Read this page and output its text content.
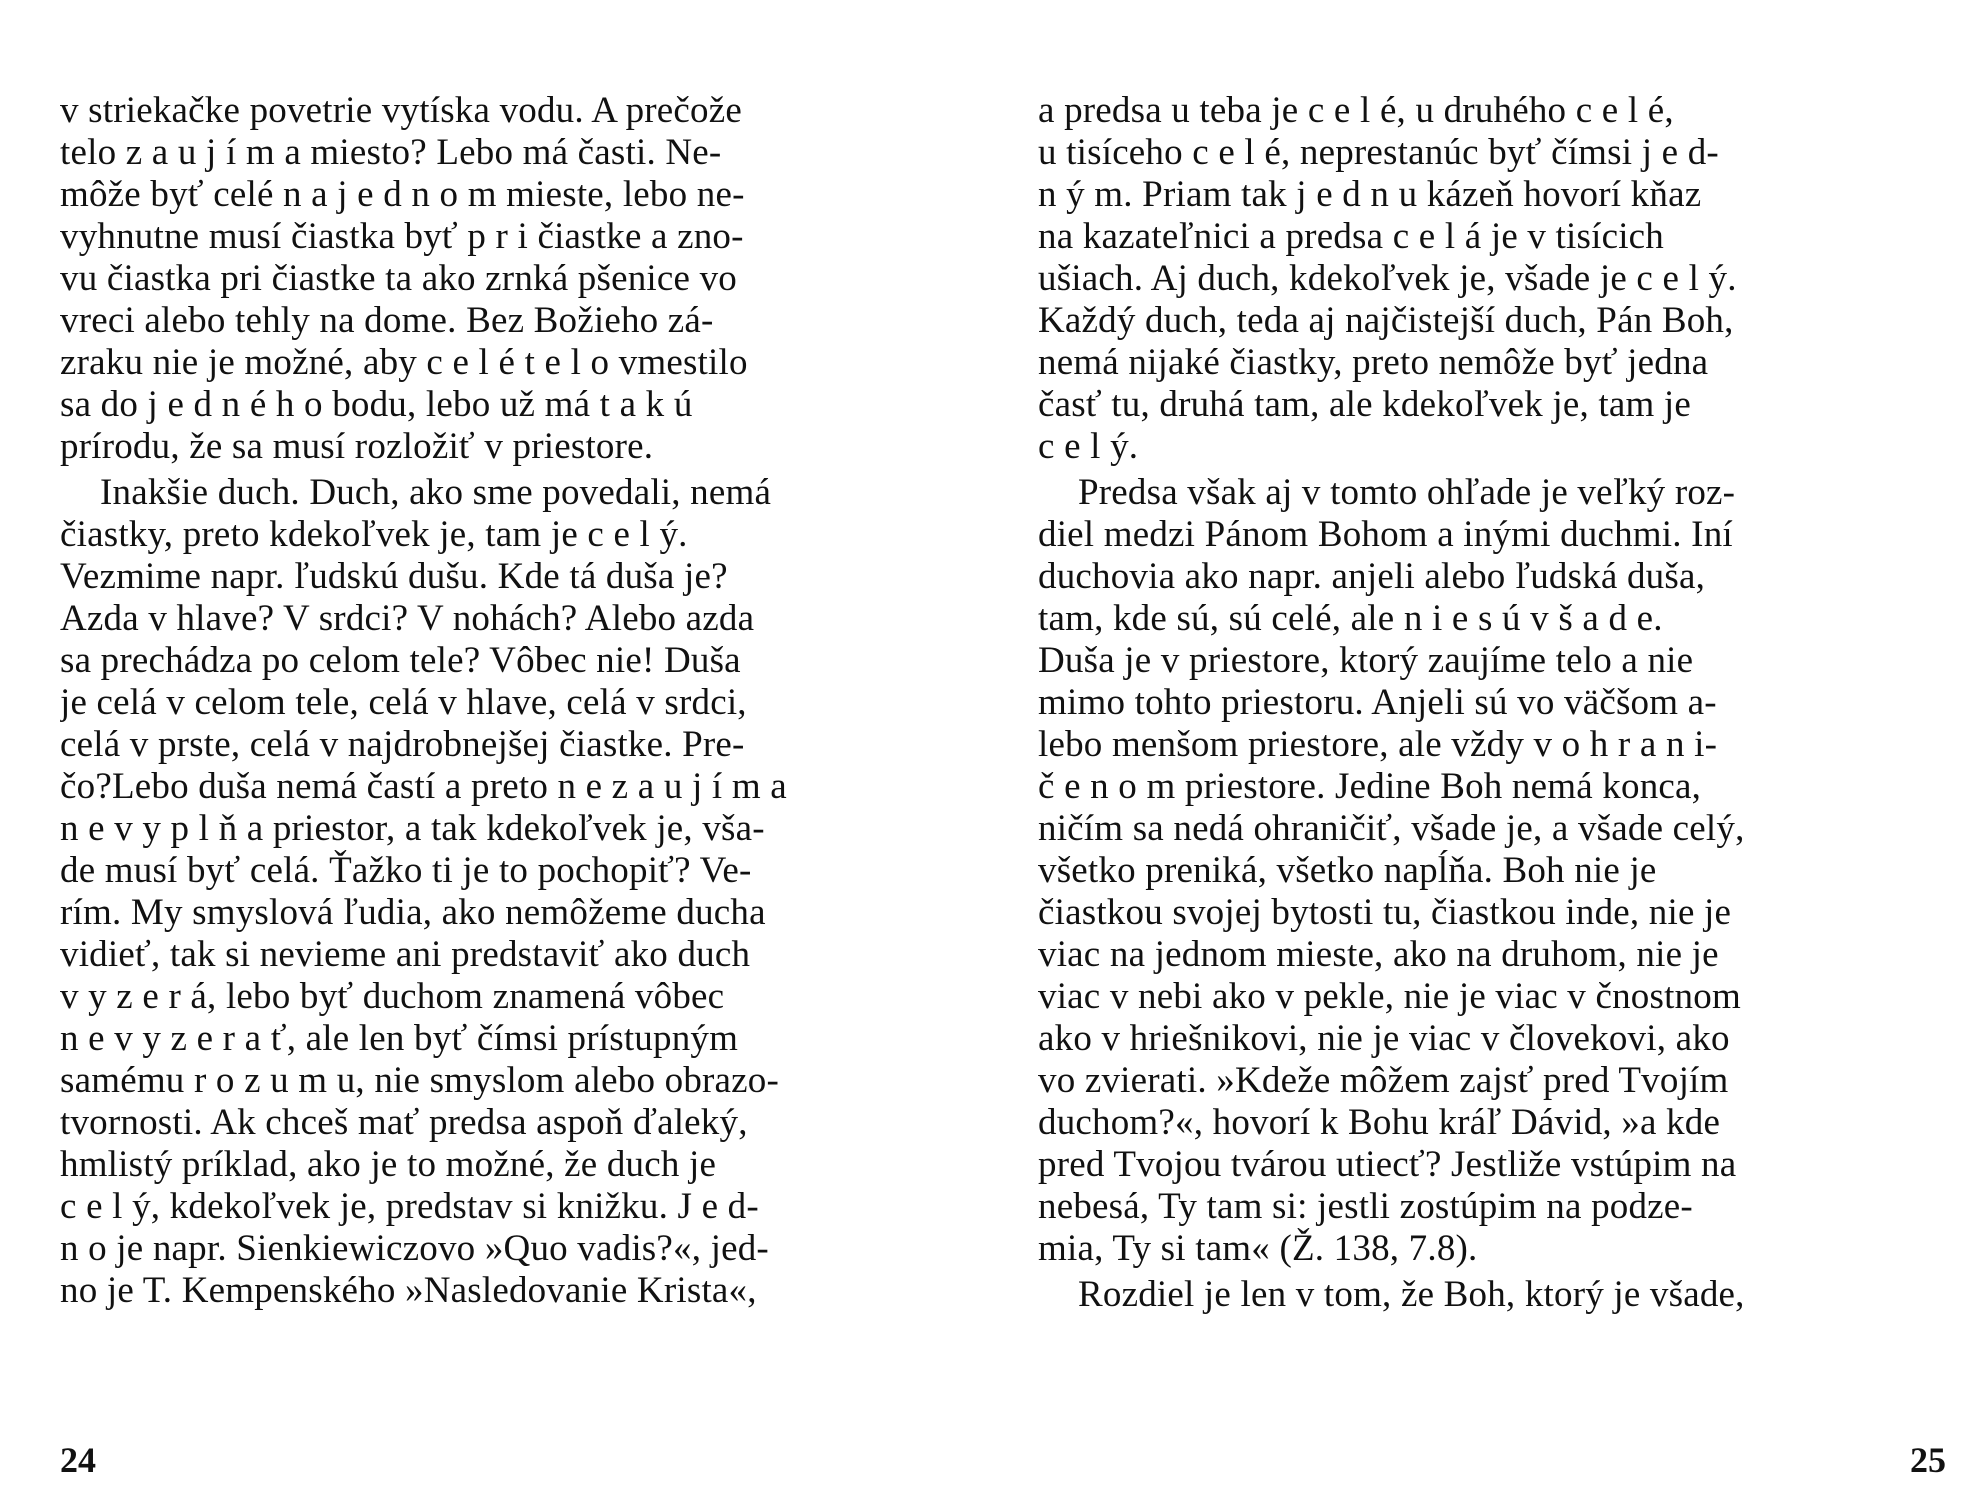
v striekačke povetrie vytíska vodu. A prečože
telo z a u j í m a miesto? Lebo má časti. Ne-
môže byť celé n a j e d n o m mieste, lebo ne-
vyhnutne musí čiastka byť p r i čiastke a zno-
vu čiastka pri čiastke ta ako zrnká pšenice vo
vreci alebo tehly na dome. Bez Božieho zá-
zraku nie je možné, aby c e l é t e l o vmestilo
sa do j e d n é h o bodu, lebo už má t a k ú
prírodu, že sa musí rozložiť v priestore.
Inakšie duch. Duch, ako sme povedali, nemá
čiastky, preto kdekoľvek je, tam je c e l ý.
Vezmime napr. ľudskú dušu. Kde tá duša je?
Azda v hlave? V srdci? V nohách? Alebo azda
sa prechádza po celom tele? Vôbec nie! Duša
je celá v celom tele, celá v hlave, celá v srdci,
celá v prste, celá v najdrobnejšej čiastke. Pre-
čo?Lebo duša nemá častí a preto n e z a u j í m a
n e v y p l ň a priestor, a tak kdekoľvek je, vša-
de musí byť celá. Ťažko ti je to pochopiť? Ve-
rím. My smyslová ľudia, ako nemôžeme ducha
vidieť, tak si nevieme ani predstaviť ako duch
v y z e r á, lebo byť duchom znamená vôbec
n e v y z e r a ť, ale len byť čímsi prístupným
samému r o z u m u, nie smyslom alebo obrazo-
tvornosti. Ak chceš mať predsa aspoň ďaleký,
hmlistý príklad, ako je to možné, že duch je
c e l ý, kdekoľvek je, predstav si knižku. J e d-
n o je napr. Sienkiewiczovo »Quo vadis?«, jed-
no je T. Kempenského »Nasledovanie Krista«,
24
a predsa u teba je c e l é, u druhého c e l é,
u tisíceho c e l é, neprestanúc byť čímsi j e d-
n ý m. Priam tak j e d n u kázeň hovorí kňaz
na kazateľnici a predsa c e l á je v tisícich
ušiach. Aj duch, kdekoľvek je, všade je c e l ý.
Každý duch, teda aj najčistejší duch, Pán Boh,
nemá nijaké čiastky, preto nemôže byť jedna
časť tu, druhá tam, ale kdekoľvek je, tam je
c e l ý.
Predsa však aj v tomto ohľade je veľký roz-
diel medzi Pánom Bohom a inými duchmi. Iní
duchovia ako napr. anjeli alebo ľudská duša,
tam, kde sú, sú celé, ale n i e s ú v š a d e.
Duša je v priestore, ktorý zaujíme telo a nie
mimo tohto priestoru. Anjeli sú vo väčšom a-
lebo menšom priestore, ale vždy v o h r a n i-
č e n o m priestore. Jedine Boh nemá konca,
ničím sa nedá ohraničiť, všade je, a všade celý,
všetko preniká, všetko napĺňa. Boh nie je
čiastkou svojej bytosti tu, čiastkou inde, nie je
viac na jednom mieste, ako na druhom, nie je
viac v nebi ako v pekle, nie je viac v čnostnom
ako v hriešnikovi, nie je viac v človekovi, ako
vo zvierati. »Kdeže môžem zajsť pred Tvojím
duchom?«, hovorí k Bohu kráľ Dávid, »a kde
pred Tvojou tvárou utiecť? Jestliže vstúpim na
nebesá, Ty tam si: jestli zostúpim na podze-
mia, Ty si tam« (Ž. 138, 7.8).
Rozdiel je len v tom, že Boh, ktorý je všade,
25
